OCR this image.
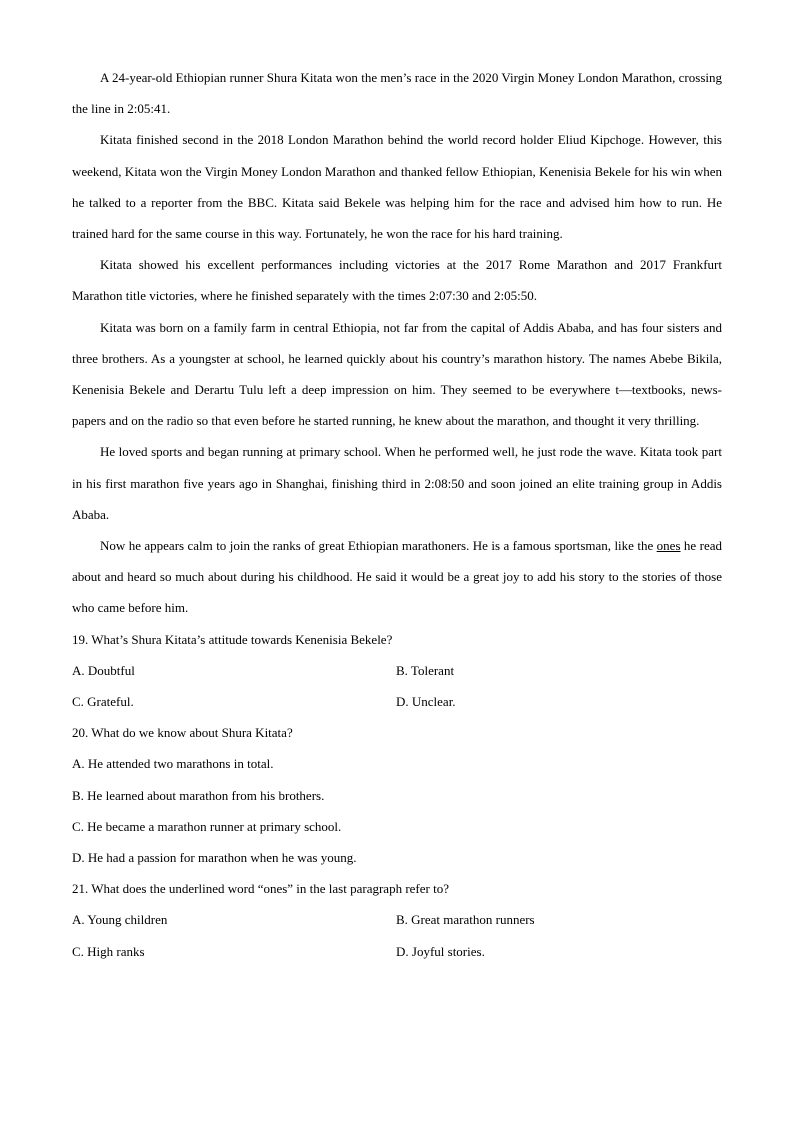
A 24-year-old Ethiopian runner Shura Kitata won the men’s race in the 2020 Virgin Money London Marathon, crossing the line in 2:05:41.

Kitata finished second in the 2018 London Marathon behind the world record holder Eliud Kipchoge. However, this weekend, Kitata won the Virgin Money London Marathon and thanked fellow Ethiopian, Kenenisia Bekele for his win when he talked to a reporter from the BBC. Kitata said Bekele was helping him for the race and advised him how to run. He trained hard for the same course in this way. Fortunately, he won the race for his hard training.

Kitata showed his excellent performances including victories at the 2017 Rome Marathon and 2017 Frankfurt Marathon title victories, where he finished separately with the times 2:07:30 and 2:05:50.

Kitata was born on a family farm in central Ethiopia, not far from the capital of Addis Ababa, and has four sisters and three brothers. As a youngster at school, he learned quickly about his country’s marathon history. The names Abebe Bikila, Kenenisia Bekele and Derartu Tulu left a deep impression on him. They seemed to be everywhere t—textbooks, news-papers and on the radio so that even before he started running, he knew about the marathon, and thought it very thrilling.

He loved sports and began running at primary school. When he performed well, he just rode the wave. Kitata took part in his first marathon five years ago in Shanghai, finishing third in 2:08:50 and soon joined an elite training group in Addis Ababa.

Now he appears calm to join the ranks of great Ethiopian marathoners. He is a famous sportsman, like the ones he read about and heard so much about during his childhood. He said it would be a great joy to add his story to the stories of those who came before him.

19. What’s Shura Kitata’s attitude towards Kenenisia Bekele?

A. Doubtful	B. Tolerant
C. Grateful.	D. Unclear.

20. What do we know about Shura Kitata?

A. He attended two marathons in total.

B. He learned about marathon from his brothers.

C. He became a marathon runner at primary school.

D. He had a passion for marathon when he was young.

21. What does the underlined word “ones” in the last paragraph refer to?

A. Young children	B. Great marathon runners
C. High ranks	D. Joyful stories.
